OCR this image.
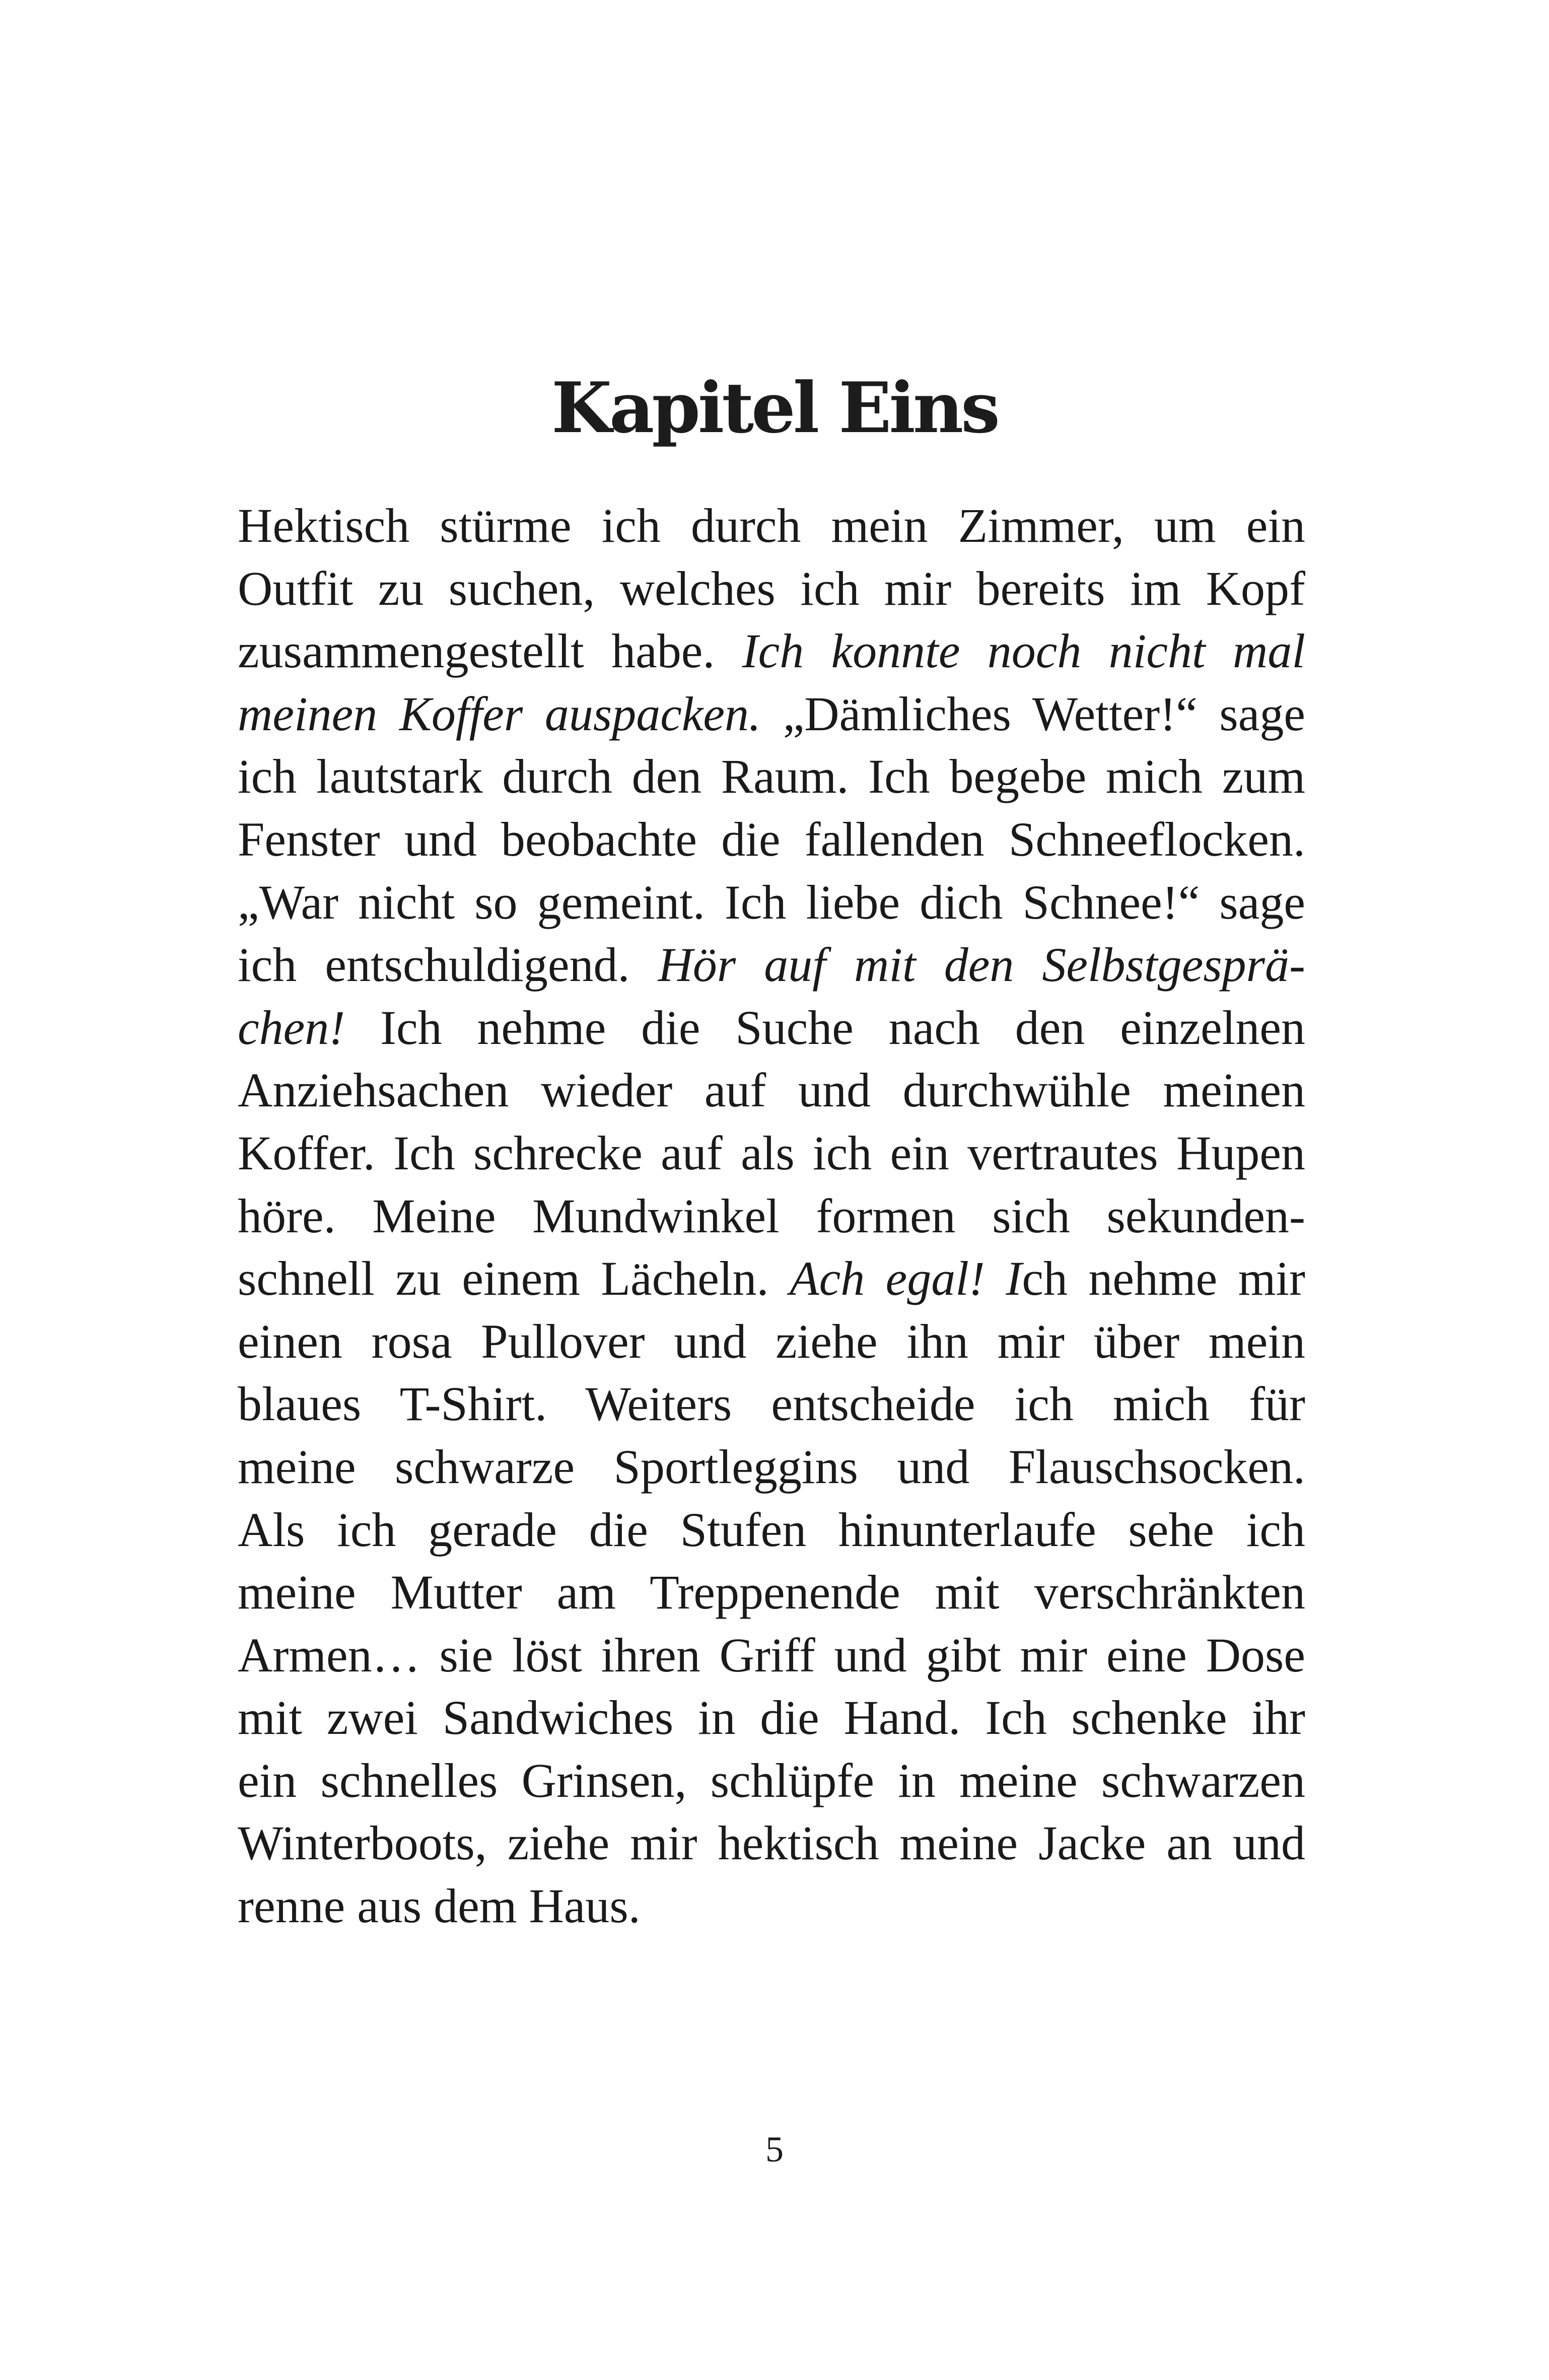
Kapitel Eins
Hektisch stürme ich durch mein Zimmer, um ein
Outfit zu suchen, welches ich mir bereits im Kopf
zusammengestellt habe. Ich konnte noch nicht mal
meinen Koffer auspacken. „Dämliches Wetter!“ sage
ich lautstark durch den Raum. Ich begebe mich zum
Fenster und beobachte die fallenden Schneeflocken.
„War nicht so gemeint. Ich liebe dich Schnee!“ sage
ich entschuldigend. Hör auf mit den Selbstgesprä-
chen! Ich nehme die Suche nach den einzelnen
Anziehsachen wieder auf und durchwühle meinen
Koffer. Ich schrecke auf als ich ein vertrautes Hupen
höre. Meine Mundwinkel formen sich sekunden-
schnell zu einem Lächeln. Ach egal! Ich nehme mir
einen rosa Pullover und ziehe ihn mir über mein
blaues T-Shirt. Weiters entscheide ich mich für
meine schwarze Sportleggins und Flauschsocken.
Als ich gerade die Stufen hinunterlaufe sehe ich
meine Mutter am Treppenende mit verschränkten
Armen… sie löst ihren Griff und gibt mir eine Dose
mit zwei Sandwiches in die Hand. Ich schenke ihr
ein schnelles Grinsen, schlüpfe in meine schwarzen
Winterboots, ziehe mir hektisch meine Jacke an und
renne aus dem Haus.
5
